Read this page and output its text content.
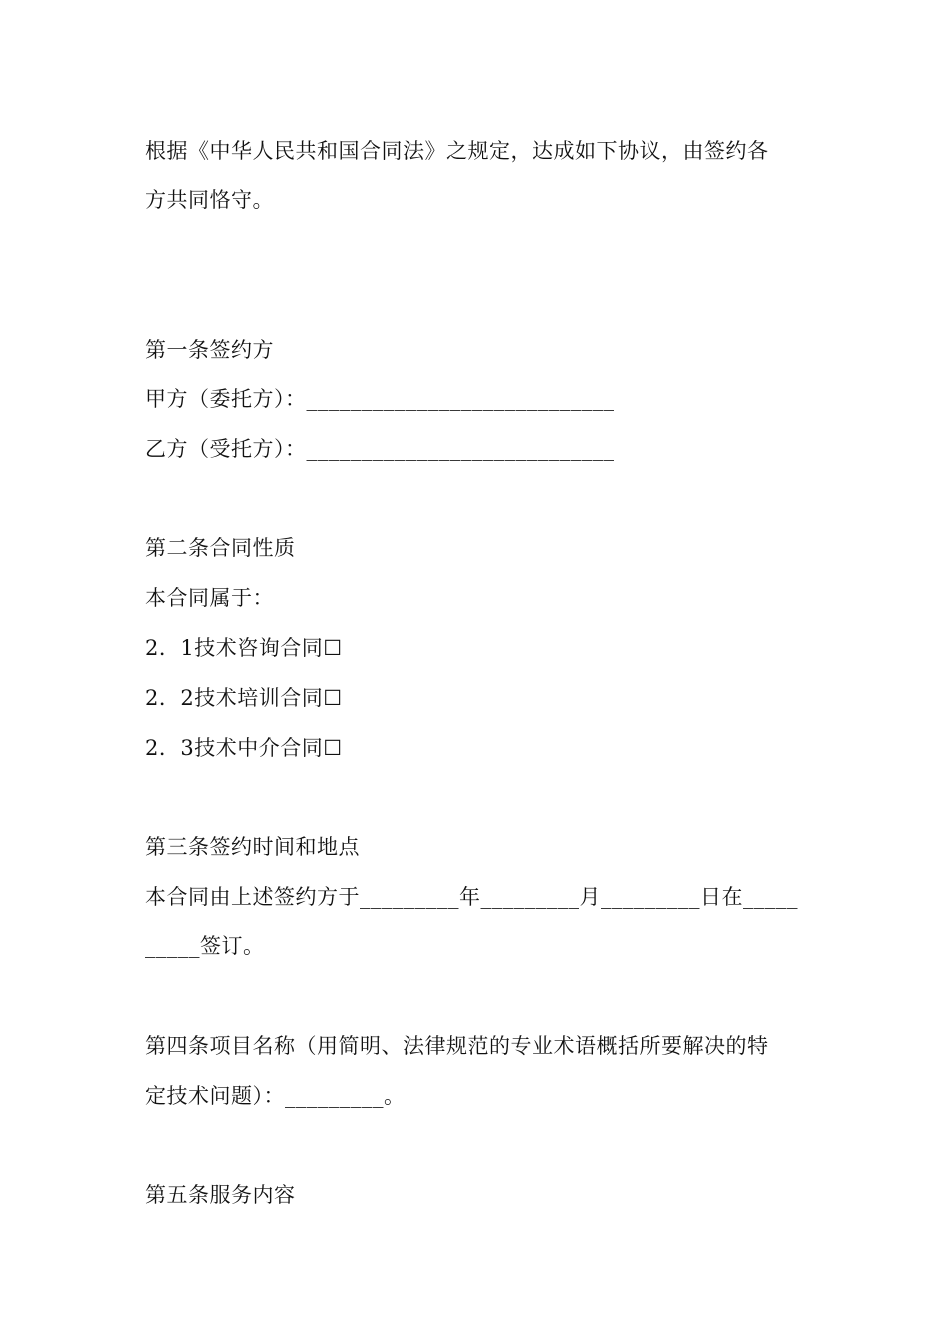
根据《中华人民共和国合同法》之规定，达成如下协议，由签约各
方共同恪守。
第一条签约方
甲方（委托方）：____________________________
乙方（受托方）：____________________________
第二条合同性质
本合同属于：
2．1技术咨询合同☐
2．2技术培训合同☐
2．3技术中介合同☐
第三条签约时间和地点
本合同由上述签约方于_________年_________月_________日在_____
_____签订。
第四条项目名称（用简明、法律规范的专业术语概括所要解决的特
定技术问题）：_________。
第五条服务内容
